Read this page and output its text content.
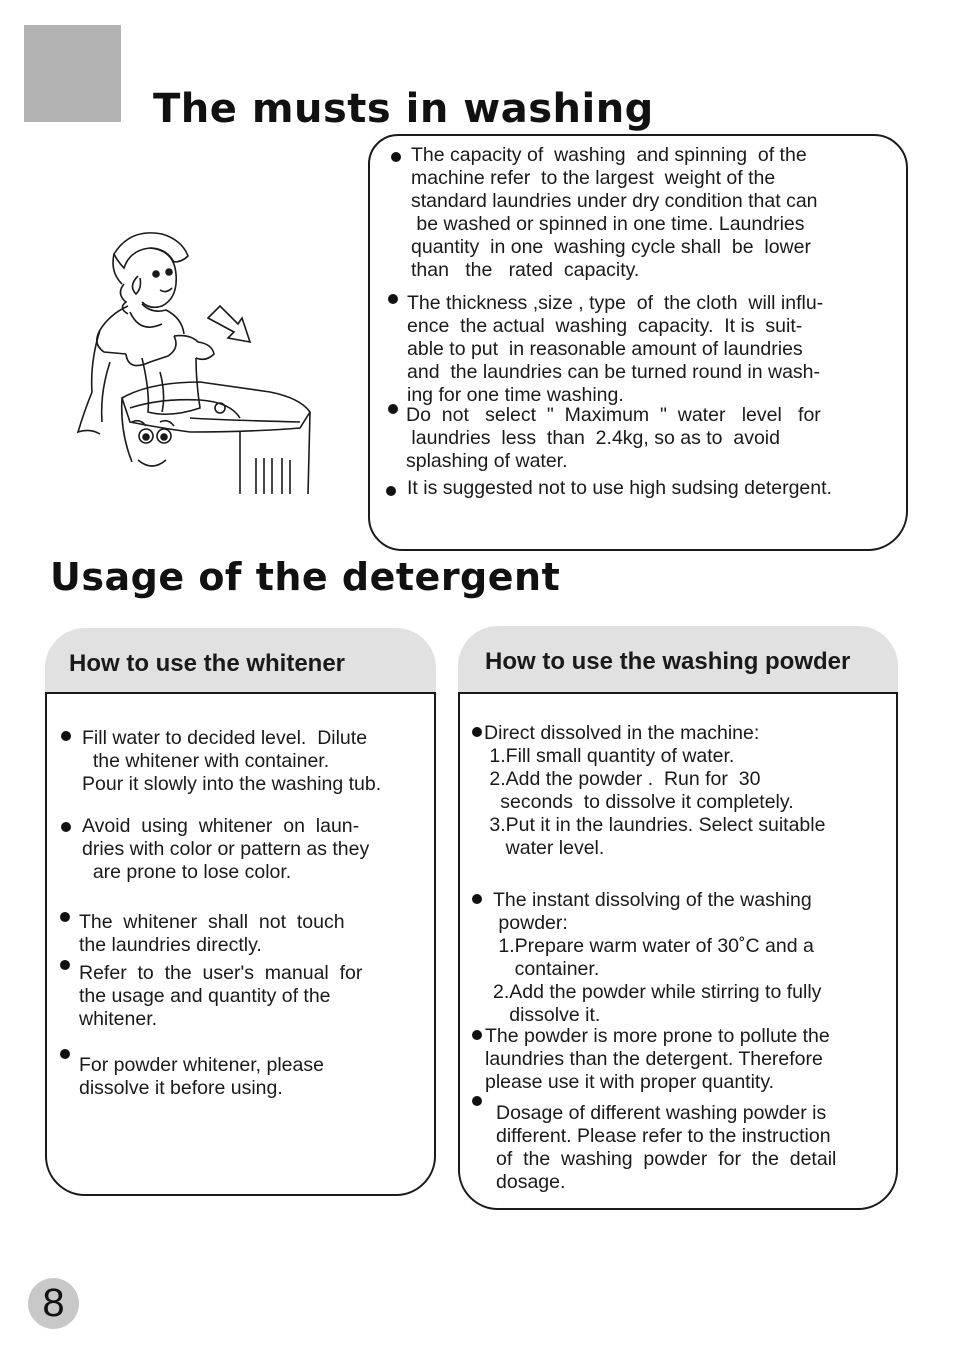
The musts in washing

The capacity of  washing  and spinning  of the
machine refer  to the largest  weight of the
standard laundries under dry condition that can
be washed or spinned in one time. Laundries
quantity  in one  washing cycle shall  be  lower
than   the   rated  capacity.

The thickness ,size , type  of  the cloth  will influ-
ence  the actual  washing  capacity.  It is  suit-
able to put  in reasonable amount of laundries
and  the laundries can be turned round in wash-
ing for one time washing.

Do  not   select  "  Maximum  "  water   level   for
laundries  less  than  2.4kg, so as to  avoid
splashing of water.

It is suggested not to use high sudsing detergent.

Usage of the detergent
How to use the whitener

Fill water to decided level.  Dilute
the whitener with container.
Pour it slowly into the washing tub.

Avoid  using  whitener  on  laun-
dries with color or pattern as they
are prone to lose color.

The  whitener  shall  not  touch
the laundries directly.

Refer  to  the  user's  manual  for
the usage and quantity of the
whitener.

For powder whitener, please
dissolve it before using.

How to use the washing powder

Direct dissolved in the machine:
1.Fill small quantity of water.
2.Add the powder .  Run for  30
seconds  to dissolve it completely.
3.Put it in the laundries. Select suitable
water level.

The instant dissolving of the washing
powder:
1.Prepare warm water of 30˚C and a
container.
2.Add the powder while stirring to fully
dissolve it.

The powder is more prone to pollute the
laundries than the detergent. Therefore
please use it with proper quantity.

Dosage of different washing powder is
different. Please refer to the instruction
of  the  washing  powder  for  the  detail
dosage.

8
